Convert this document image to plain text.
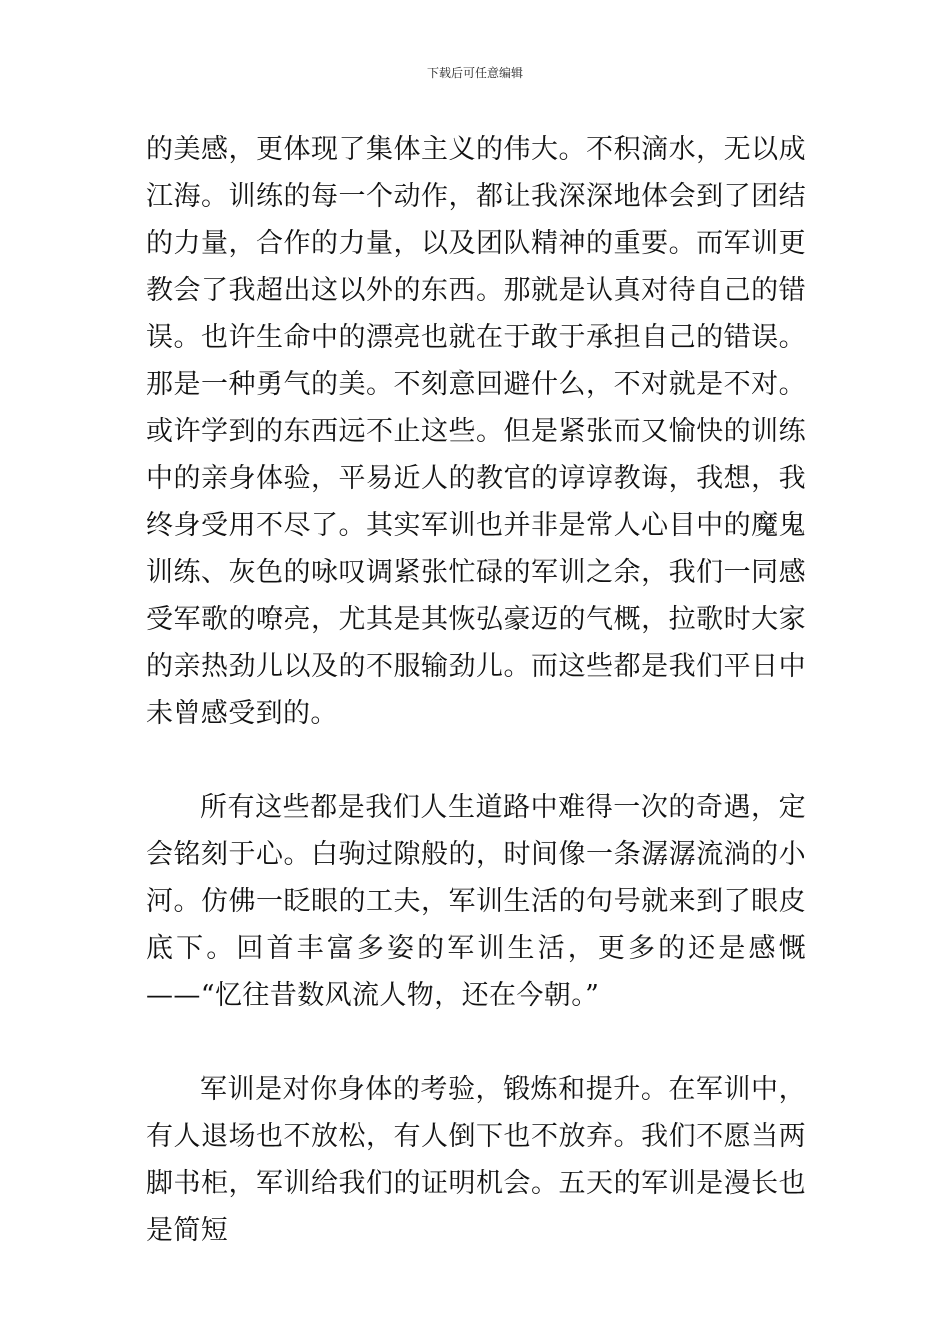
下载后可任意编辑

的美感，更体现了集体主义的伟大。不积滴水，无以成江海。训练的每一个动作，都让我深深地体会到了团结的力量，合作的力量，以及团队精神的重要。而军训更教会了我超出这以外的东西。那就是认真对待自己的错误。也许生命中的漂亮也就在于敢于承担自己的错误。那是一种勇气的美。不刻意回避什么，不对就是不对。或许学到的东西远不止这些。但是紧张而又愉快的训练中的亲身体验，平易近人的教官的谆谆教诲，我想，我终身受用不尽了。其实军训也并非是常人心目中的魔鬼训练、灰色的咏叹调紧张忙碌的军训之余，我们一同感受军歌的嘹亮，尤其是其恢弘豪迈的气概，拉歌时大家的亲热劲儿以及的不服输劲儿。而这些都是我们平日中未曾感受到的。

所有这些都是我们人生道路中难得一次的奇遇，定会铭刻于心。白驹过隙般的，时间像一条潺潺流淌的小河。仿佛一眨眼的工夫，军训生活的句号就来到了眼皮底下。回首丰富多姿的军训生活，更多的还是感慨——“忆往昔数风流人物，还在今朝。”

军训是对你身体的考验，锻炼和提升。在军训中，有人退场也不放松，有人倒下也不放弃。我们不愿当两脚书柜，军训给我们的证明机会。五天的军训是漫长也是简短
